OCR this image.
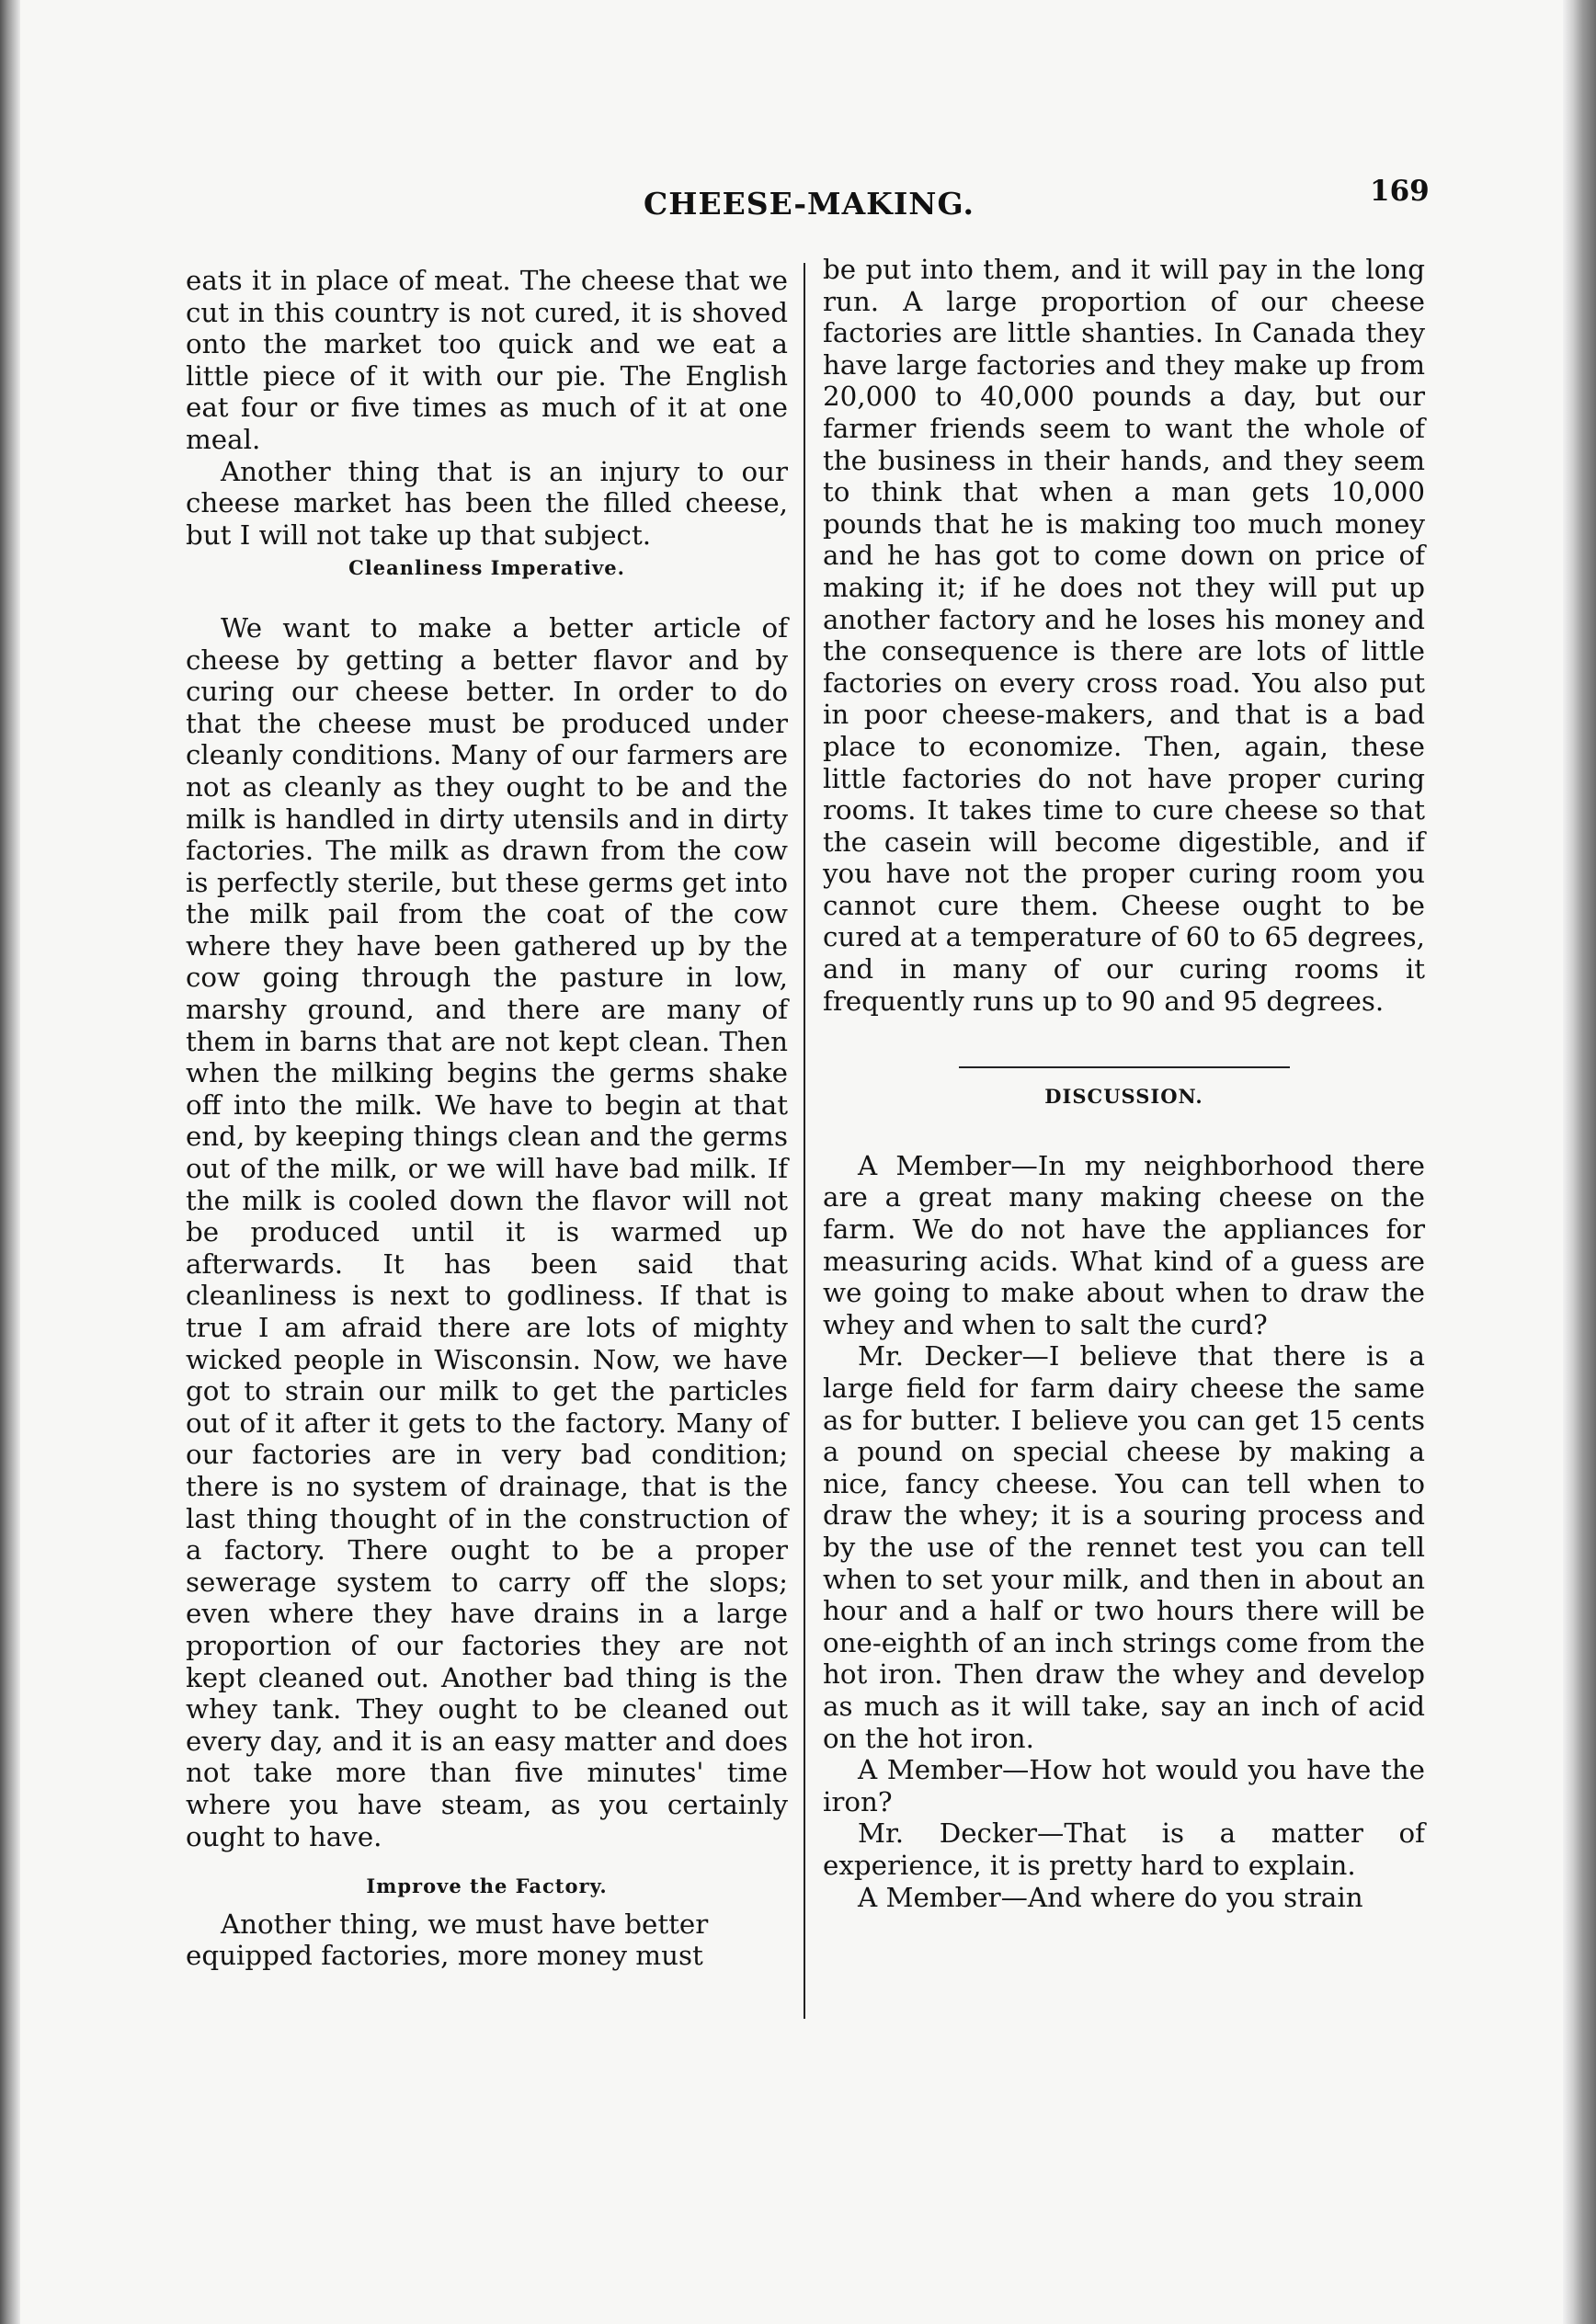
CHEESE-MAKING.	169

eats it in place of meat. The cheese that we cut in this country is not cured, it is shoved onto the market too quick and we eat a little piece of it with our pie. The English eat four or five times as much of it at one meal.

Another thing that is an injury to our cheese market has been the filled cheese, but I will not take up that subject.

Cleanliness Imperative.

We want to make a better article of cheese by getting a better flavor and by curing our cheese better. In order to do that the cheese must be produced under cleanly conditions. Many of our farmers are not as cleanly as they ought to be and the milk is handled in dirty utensils and in dirty factories. The milk as drawn from the cow is perfectly sterile, but these germs get into the milk pail from the coat of the cow where they have been gathered up by the cow going through the pasture in low, marshy ground, and there are many of them in barns that are not kept clean. Then when the milking begins the germs shake off into the milk. We have to begin at that end, by keeping things clean and the germs out of the milk, or we will have bad milk. If the milk is cooled down the flavor will not be produced until it is warmed up afterwards. It has been said that cleanliness is next to godliness. If that is true I am afraid there are lots of mighty wicked people in Wisconsin. Now, we have got to strain our milk to get the particles out of it after it gets to the factory. Many of our factories are in very bad condition; there is no system of drainage, that is the last thing thought of in the construction of a factory. There ought to be a proper sewerage system to carry off the slops; even where they have drains in a large proportion of our factories they are not kept cleaned out. Another bad thing is the whey tank. They ought to be cleaned out every day, and it is an easy matter and does not take more than five minutes' time where you have steam, as you certainly ought to have.

Improve the Factory.

Another thing, we must have better equipped factories, more money must

be put into them, and it will pay in the long run. A large proportion of our cheese factories are little shanties. In Canada they have large factories and they make up from 20,000 to 40,000 pounds a day, but our farmer friends seem to want the whole of the business in their hands, and they seem to think that when a man gets 10,000 pounds that he is making too much money and he has got to come down on price of making it; if he does not they will put up another factory and he loses his money and the consequence is there are lots of little factories on every cross road. You also put in poor cheese-makers, and that is a bad place to economize. Then, again, these little factories do not have proper curing rooms. It takes time to cure cheese so that the casein will become digestible, and if you have not the proper curing room you cannot cure them. Cheese ought to be cured at a temperature of 60 to 65 degrees, and in many of our curing rooms it frequently runs up to 90 and 95 degrees.

DISCUSSION.

A Member—In my neighborhood there are a great many making cheese on the farm. We do not have the appliances for measuring acids. What kind of a guess are we going to make about when to draw the whey and when to salt the curd?

Mr. Decker—I believe that there is a large field for farm dairy cheese the same as for butter. I believe you can get 15 cents a pound on special cheese by making a nice, fancy cheese. You can tell when to draw the whey; it is a souring process and by the use of the rennet test you can tell when to set your milk, and then in about an hour and a half or two hours there will be one-eighth of an inch strings come from the hot iron. Then draw the whey and develop as much as it will take, say an inch of acid on the hot iron.

A Member—How hot would you have the iron?

Mr. Decker—That is a matter of experience, it is pretty hard to explain.

A Member—And where do you strain
